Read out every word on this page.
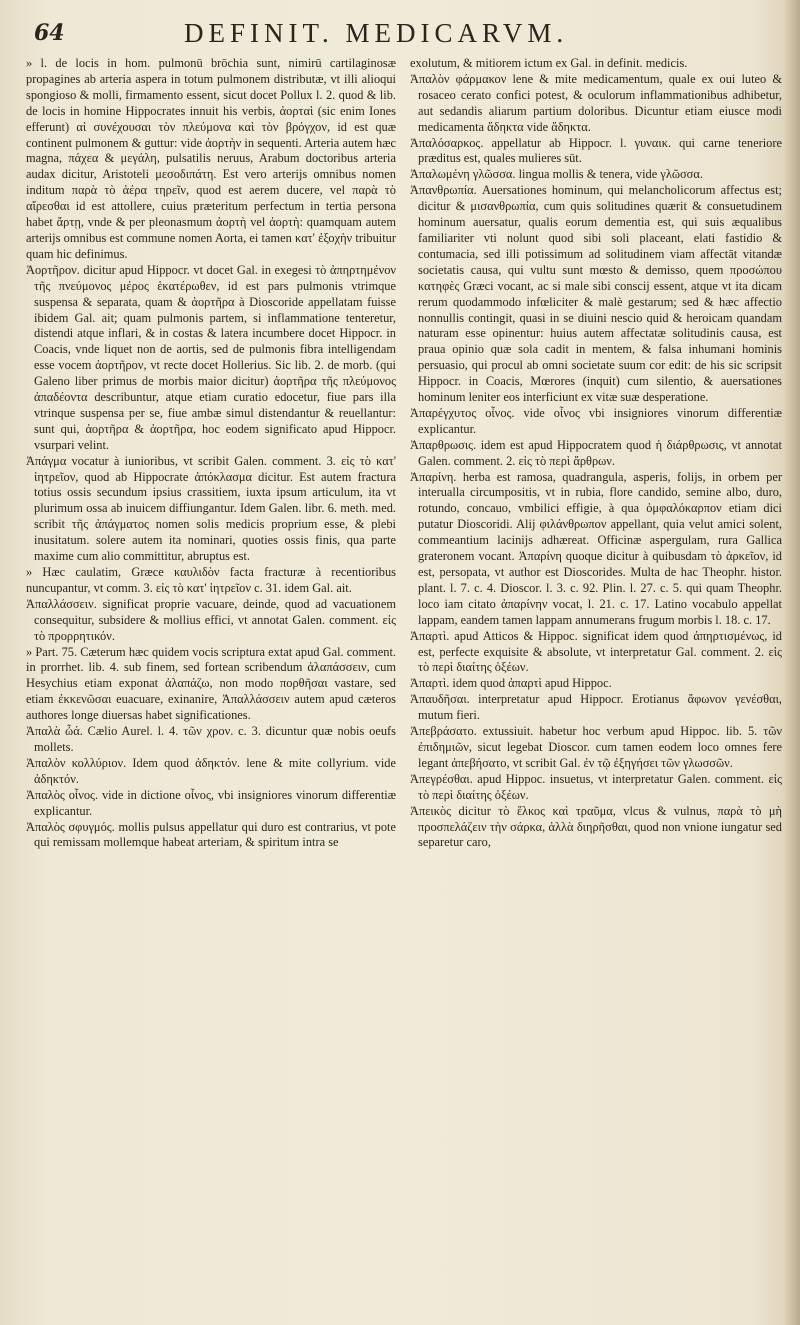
64	DEFINIT. MEDICARVM.

» l. de locis in hom. pulmonū brōchia sunt, nimirū cartilaginosæ propagines ab arteria aspera in totum pulmonem distributæ, vt illi alioqui spongioso & molli, firmamento essent, sicut docet Pollux l. 2. quod & lib. de locis in homine Hippocrates innuit his verbis, ἀορταὶ (sic enim Iones efferunt) αἱ συνέχουσαι τὸν πλεύμονα καὶ τὸν βρόγχον, id est quæ continent pulmonem & guttur: vide ἀορτὴν in sequenti. Arteria autem hæc magna, πάχεα & μεγάλη, pulsatilis neruus, Arabum doctoribus arteria audax dicitur, Aristoteli μεσοδιπάτη. Est vero arterijs omnibus nomen inditum παρὰ τὸ ἀέρα τηρεῖν, quod est aerem ducere, vel παρὰ τὸ αἴρεσθαι id est attollere, cuius præteritum perfectum in tertia persona habet ἄρτῃ, vnde & per pleonasmum ἀορτὴ vel ἀορτὴ: quamquam autem arterijs omnibus est commune nomen Aorta, ei tamen κατ' ἐξοχὴν tribuitur quam hic definimus.

Ἀορτῆρον. dicitur apud Hippocr. vt docet Gal. in exegesi τὸ ἀπηρτημένον τῆς πνεύμονος μέρος ἑκατέρωθεν, id est pars pulmonis vtrimque suspensa & separata, quam & ἀορτῆρα à Dioscoride appellatam fuisse ibidem Gal. ait; quam pulmonis partem, si inflammatione tenteretur, distendi atque inflari, & in costas & latera incumbere docet Hippocr. in Coacis, vnde liquet non de aortis, sed de pulmonis fibra intelligendam esse vocem ἀορτῆρον, vt recte docet Hollerius. Sic lib. 2. de morb. (qui Galeno liber primus de morbis maior dicitur) ἀορτῆρα τῆς πλεύμονος ἀπαδέοντα describuntur, atque etiam curatio edocetur, fiue pars illa vtrinque suspensa per se, fiue ambæ simul distendantur & reuellantur: sunt qui, ἀορτῆρα & ἀορτῆρα, hoc eodem significato apud Hippocr. vsurpari velint.

Ἀπάγμα vocatur à iunioribus, vt scribit Galen. comment. 3. εἰς τὸ κατ' ἰητρεῖον, quod ab Hippocrate ἀπόκλασμα dicitur. Est autem fractura totius ossis secundum ipsius crassitiem, iuxta ipsum articulum, ita vt plurimum ossa ab inuicem diffiungantur. Idem Galen. libr. 6. meth. med. scribit τῆς ἀπάγματος nomen solis medicis proprium esse, & plebi inusitatum. solere autem ita nominari, quoties ossis finis, qua parte maxime cum alio committitur, abruptus est.

» Hæc caulatim, Græce καυλιδὸν facta fracturæ à recentioribus nuncupantur, vt comm. 3. εἰς τὸ κατ' ἰητρεῖον c. 31. idem Gal. ait.

Ἀπαλλάσσειν. significat proprie vacuare, deinde, quod ad vacuationem consequitur, subsidere & mollius effici, vt annotat Galen. comment. εἰς τὸ προρρητικόν.

» Part. 75. Cæterum hæc quidem vocis scriptura extat apud Gal. comment. in prorrhet. lib. 4. sub finem, sed fortean scribendum ἀλαπάσσειν, cum Hesychius etiam exponat ἀλαπάζω, non modo πορθῆσαι vastare, sed etiam ἐκκενῶσαι euacuare, exinanire, Ἀπαλλάσσειν autem apud cæteros authores longe diuersas habet significationes.

Ἀπαλὰ ὦά. Cælio Aurel. l. 4. τῶν χρον. c. 3. dicuntur quæ nobis oeufs mollets.

Ἀπαλὸν κολλύριον. Idem quod ἀδηκτόν. lene & mite collyrium. vide ἀδηκτόν.

Ἀπαλὸς οἶνος. vide in dictione οἶνος, vbi insigniores vinorum differentiæ explicantur.

Ἀπαλὸς σφυγμός. mollis pulsus appellatur qui duro est contrarius, vt pote qui remissam mollemque habeat arteriam, & spiritum intra se

exolutum, & mitiorem ictum ex Gal. in definit. medicis.

Ἀπαλὸν φάρμακον lene & mite medicamentum, quale ex oui luteo & rosaceo cerato confici potest, & oculorum inflammationibus adhibetur, aut sedandis aliarum partium doloribus. Dicuntur etiam eiusce modi medicamenta ἄδηκτα vide ἄδηκτα.

Ἀπαλόσαρκος. appellatur ab Hippocr. l. γυναικ. qui carne teneriore præditus est, quales mulieres sūt.

Ἀπαλωμένη γλῶσσα. lingua mollis & tenera, vide γλῶσσα.

Ἀπανθρωπία. Auersationes hominum, qui melancholicorum affectus est; dicitur & μισανθρωπία, cum quis solitudines quærit & consuetudinem hominum auersatur, qualis eorum dementia est, qui suis æqualibus familiariter vti nolunt quod sibi soli placeant, elati fastidio & contumacia, sed illi potissimum ad solitudinem viam affectāt vitandæ societatis causa, qui vultu sunt mœsto & demisso, quem προσώπου κατηφὲς Græci vocant, ac si male sibi conscij essent, atque vt ita dicam rerum quodammodo infœliciter & malè gestarum; sed & hæc affectio nonnullis contingit, quasi in se diuini nescio quid & heroicam quandam naturam esse opinentur: huius autem affectatæ solitudinis causa, est praua opinio quæ sola cadit in mentem, & falsa inhumani hominis persuasio, qui procul ab omni societate suum cor edit: de his sic scripsit Hippocr. in Coacis, Mœrores (inquit) cum silentio, & auersationes hominum leniter eos interficiunt ex vitæ suæ desperatione.

Ἀπαρέγχυτος οἶνος. vide οἶνος vbi insigniores vinorum differentiæ explicantur.

Ἀπαρθρωσις. idem est apud Hippocratem quod ἡ διάρθρωσις, vt annotat Galen. comment. 2. εἰς τὸ περὶ ἄρθρων.

Ἀπαρίνη. herba est ramosa, quadrangula, asperis, folijs, in orbem per interualla circumpositis, vt in rubia, flore candido, semine albo, duro, rotundo, concauo, vmbilici effigie, à qua ὀμφαλόκαρπον etiam dici putatur Dioscoridi. Alij φιλάνθρωπον appellant, quia velut amici solent, commeantium lacinijs adhæreat. Officinæ aspergulam, rura Gallica grateronem vocant. Ἀπαρίνη quoque dicitur à quibusdam τὸ ἀρκεῖον, id est, persopata, vt author est Dioscorides. Multa de hac Theophr. histor. plant. l. 7. c. 4. Dioscor. l. 3. c. 92. Plin. l. 27. c. 5. qui quam Theophr. loco iam citato ἀπαρίνην vocat, l. 21. c. 17. Latino vocabulo appellat lappam, eandem tamen lappam annumerans frugum morbis l. 18. c. 17.

Ἀπαρτὶ. apud Atticos & Hippoc. significat idem quod ἀπηρτισμένως, id est, perfecte exquisite & absolute, vt interpretatur Gal. comment. 2. εἰς τὸ περὶ διαίτης ὀξέων.

Ἀπαρτὶ. idem quod ἀπαρτὶ apud Hippoc.

Ἀπαυδῆσαι. interpretatur apud Hippocr. Erotianus ἄφωνον γενέσθαι, mutum fieri.

Ἀπεβράσατο. extussiuit. habetur hoc verbum apud Hippoc. lib. 5. τῶν ἐπιδημιῶν, sicut legebat Dioscor. cum tamen eodem loco omnes fere legant ἀπεβήσατο, vt scribit Gal. ἐν τῷ ἐξηγήσει τῶν γλωσσῶν.

Ἀπεγρέσθαι. apud Hippoc. insuetus, vt interpretatur Galen. comment. εἰς τὸ περὶ διαίτης ὀξέων.

Ἀπεικὸς dicitur τὸ ἕλκος καὶ τραῦμα, vlcus & vulnus, παρὰ τὸ μὴ προσπελάζειν τὴν σάρκα, ἀλλὰ διηρῆσθαι, quod non vnione iungatur sed separetur caro,
